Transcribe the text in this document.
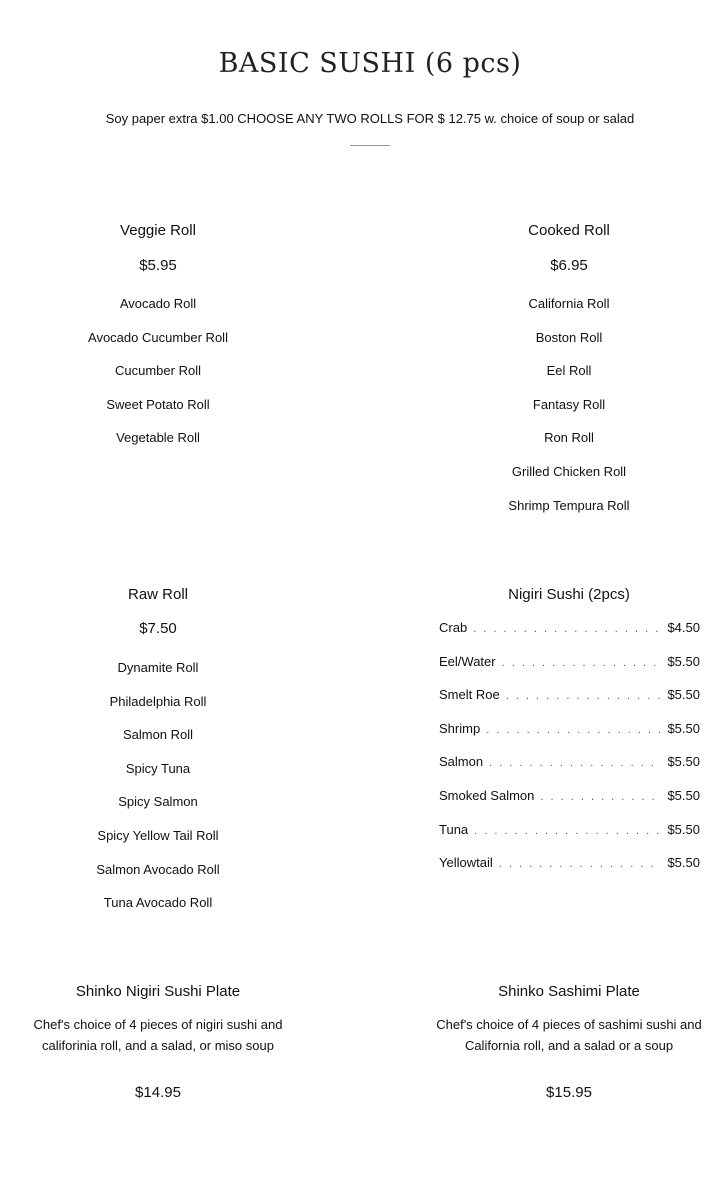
BASIC SUSHI (6 pcs)
Soy paper extra $1.00 CHOOSE ANY TWO ROLLS FOR $ 12.75 w. choice of soup or salad
Veggie Roll
$5.95
Avocado Roll
Avocado Cucumber Roll
Cucumber Roll
Sweet Potato Roll
Vegetable Roll
Cooked Roll
$6.95
California Roll
Boston Roll
Eel Roll
Fantasy Roll
Ron Roll
Grilled Chicken Roll
Shrimp Tempura Roll
Raw Roll
$7.50
Dynamite Roll
Philadelphia Roll
Salmon Roll
Spicy Tuna
Spicy Salmon
Spicy Yellow Tail Roll
Salmon Avocado Roll
Tuna Avocado Roll
Nigiri Sushi (2pcs)
Crab . . .	$4.50
Eel/Water . . .	$5.50
Smelt Roe . . .	$5.50
Shrimp . . .	$5.50
Salmon . . .	$5.50
Smoked Salmon . . .	$5.50
Tuna . . .	$5.50
Yellowtail . . .	$5.50
Shinko Nigiri Sushi Plate
Chef's choice of 4 pieces of nigiri sushi and califorinia roll, and a salad, or miso soup
$14.95
Shinko Sashimi Plate
Chef's choice of 4 pieces of sashimi sushi and California roll, and a salad or a soup
$15.95
